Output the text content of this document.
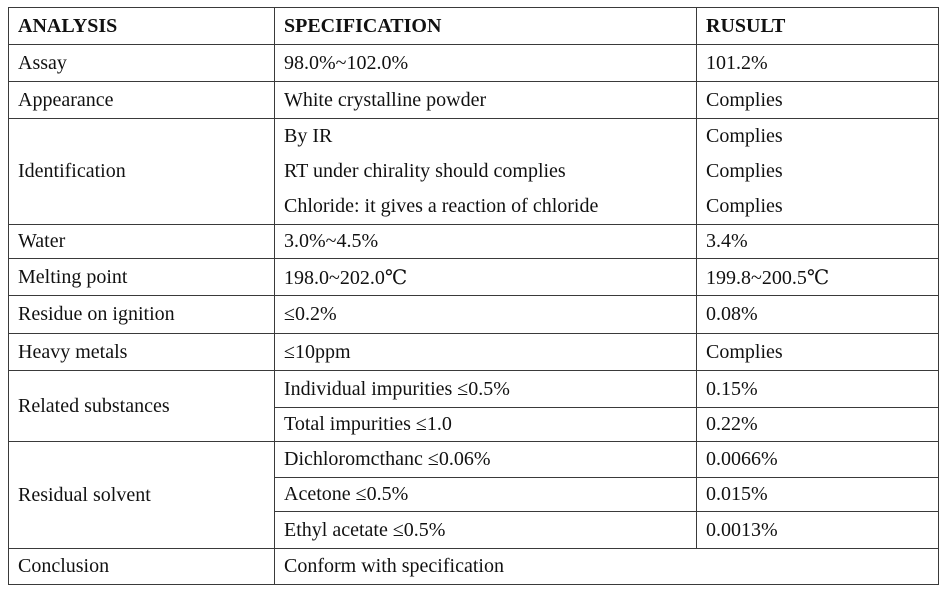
ANALYSIS	SPECIFICATION	RUSULT
Assay	98.0%~102.0%	101.2%
Appearance	White crystalline powder	Complies
Identification	By IR	Complies
	RT under chirality should complies	Complies
	Chloride: it gives a reaction of chloride	Complies
Water	3.0%~4.5%	3.4%
Melting point	198.0~202.0℃	199.8~200.5℃
Residue on ignition	≤0.2%	0.08%
Heavy metals	≤10ppm	Complies
Related substances	Individual impurities ≤0.5%	0.15%
	Total impurities ≤1.0	0.22%
Residual solvent	Dichloromcthanc ≤0.06%	0.0066%
	Acetone ≤0.5%	0.015%
	Ethyl acetate ≤0.5%	0.0013%
Conclusion	Conform with specification	
